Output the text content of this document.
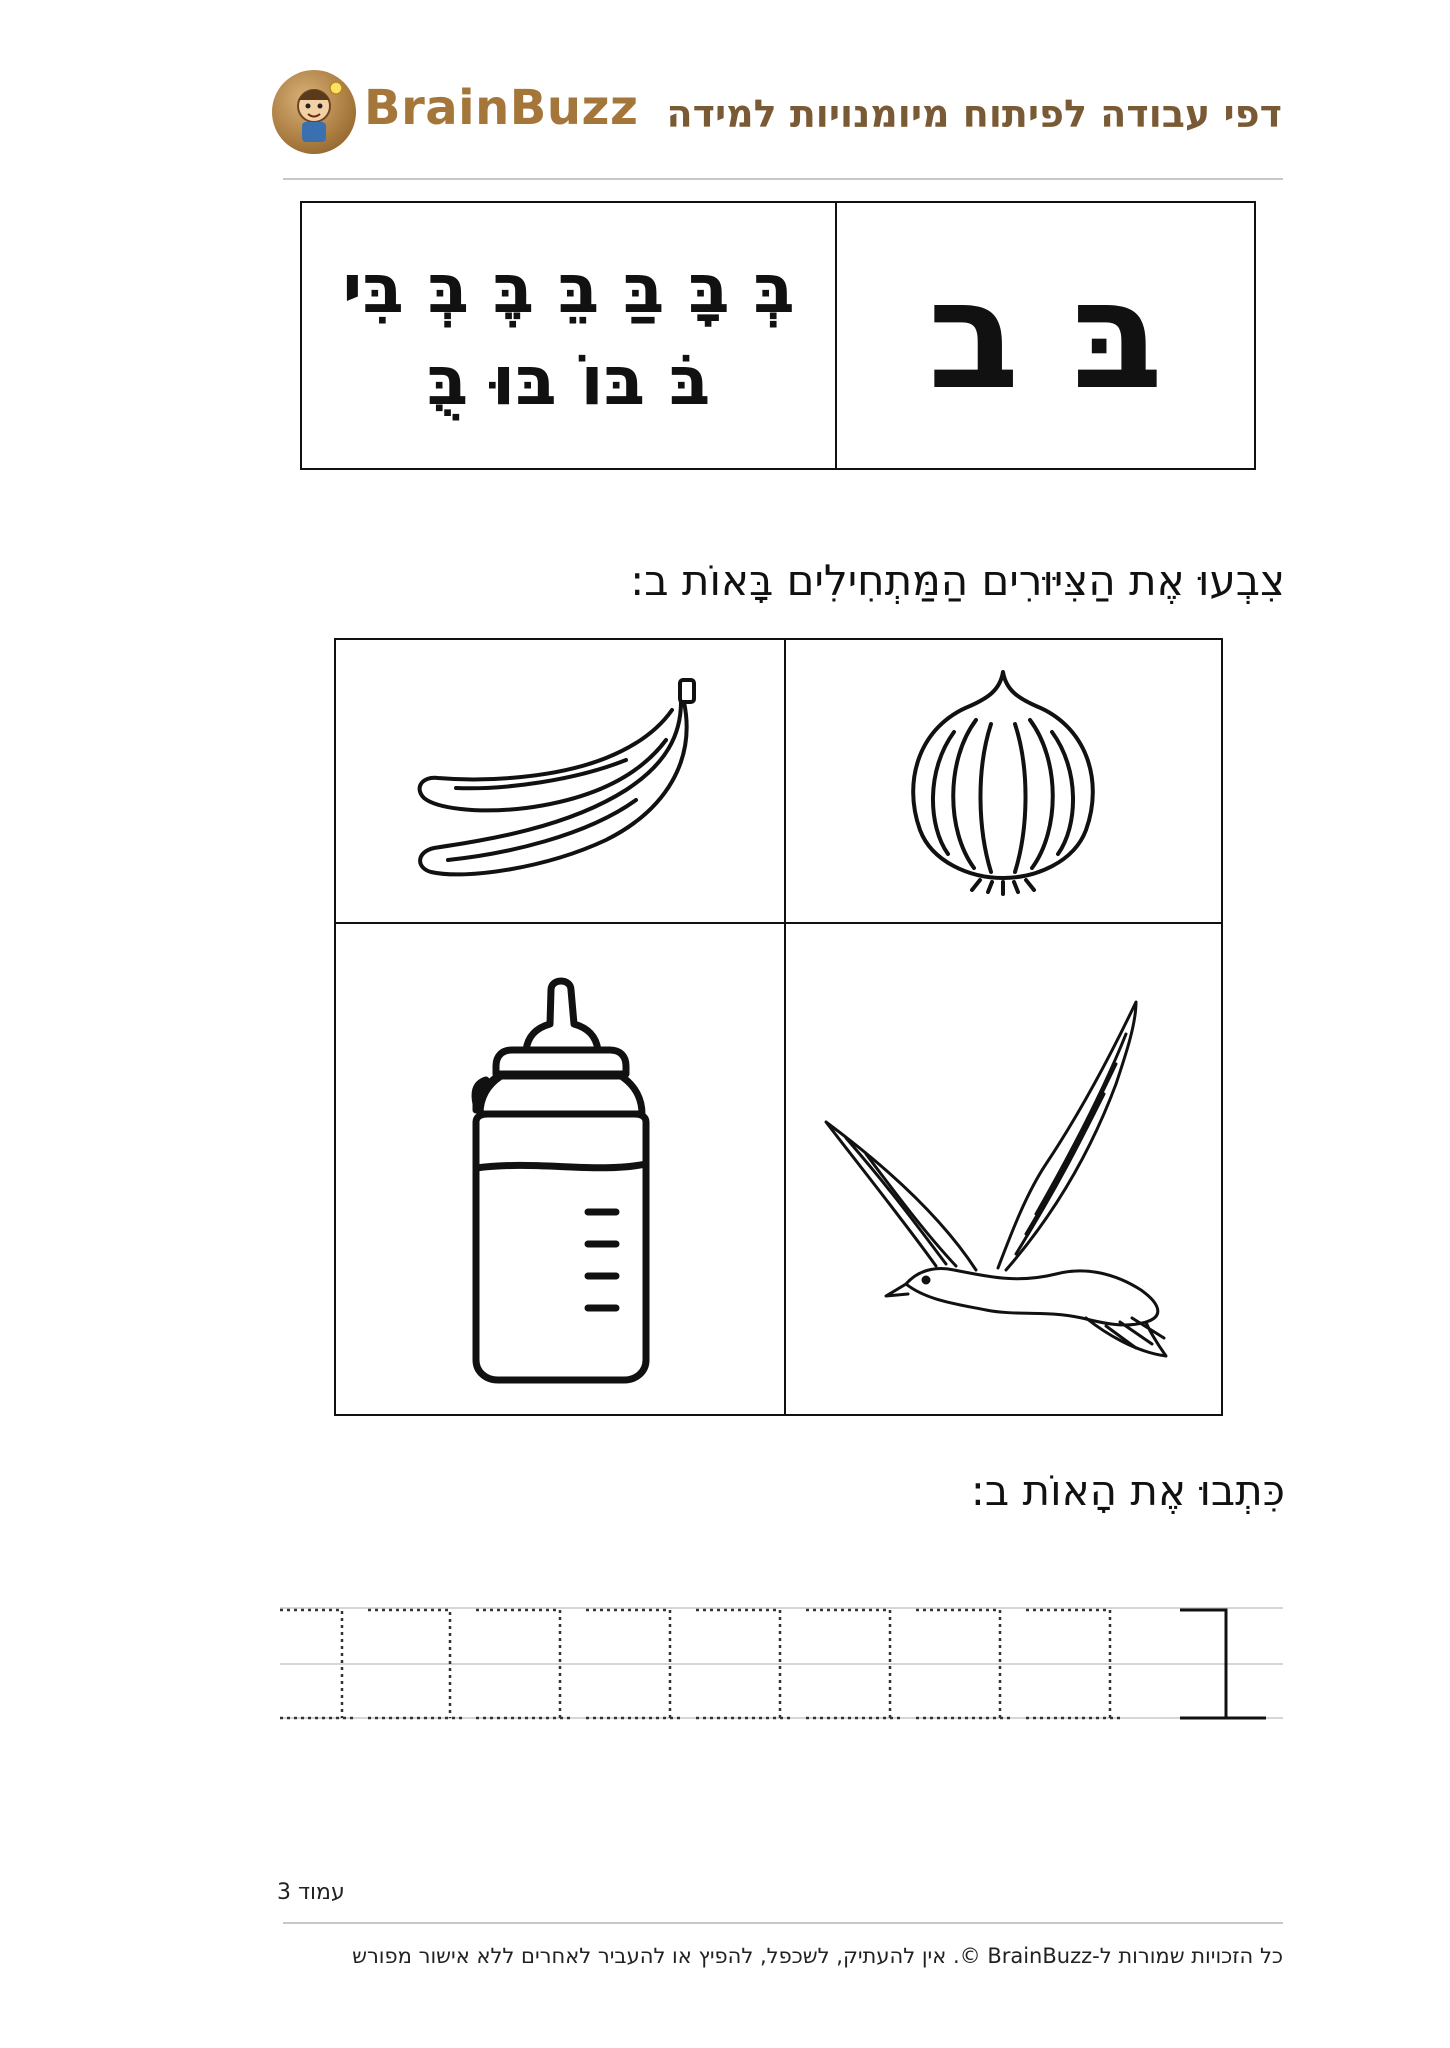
BrainBuzz דפי עבודה לפיתוח מיומנויות למידה
בּ ב
בְּ בָּ בַּ בֵּ בֶּ בְּ בִּי
בֹּ בּוֹ בּוּ בֻּ
צִבְעוּ אֶת הַצִּיּוּרִים הַמַּתְחִילִים בָּאוֹת ב:
כִּתְבוּ אֶת הָאוֹת ב:
עמוד 3
כל הזכויות שמורות ל-BrainBuzz ©. אין להעתיק, לשכפל, להפיץ או להעביר לאחרים ללא אישור מפורש
